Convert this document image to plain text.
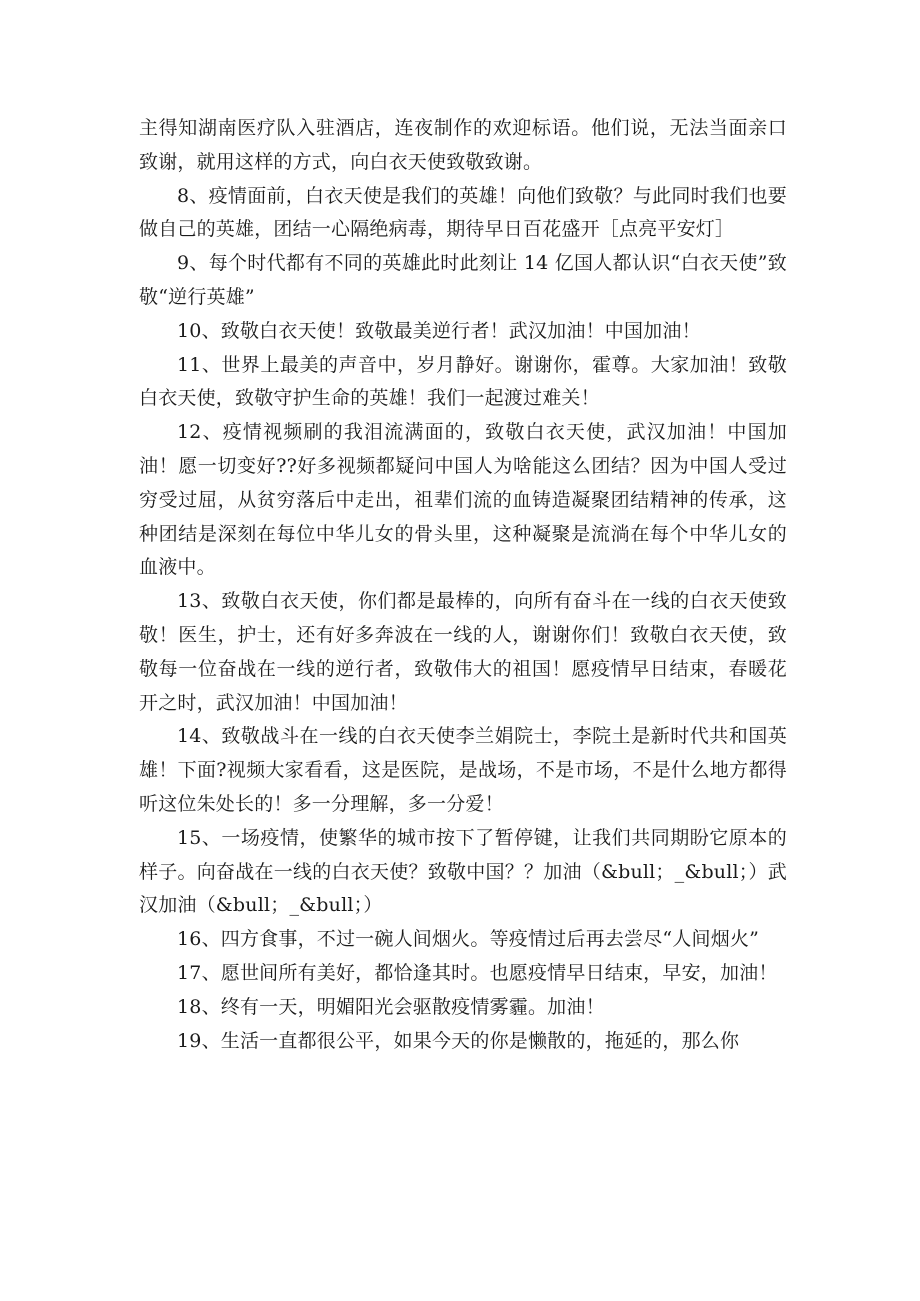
主得知湖南医疗队入驻酒店，连夜制作的欢迎标语。他们说，无法当面亲口致谢，就用这样的方式，向白衣天使致敬致谢。

8、疫情面前，白衣天使是我们的英雄！向他们致敬？与此同时我们也要做自己的英雄，团结一心隔绝病毒，期待早日百花盛开［点亮平安灯］

9、每个时代都有不同的英雄此时此刻让 14 亿国人都认识“白衣天使”致敬“逆行英雄”

10、致敬白衣天使！致敬最美逆行者！武汉加油！中国加油！

11、世界上最美的声音中，岁月静好。谢谢你，霍尊。大家加油！致敬白衣天使，致敬守护生命的英雄！我们一起渡过难关！

12、疫情视频刷的我泪流满面的，致敬白衣天使，武汉加油！中国加油！愿一切变好??好多视频都疑问中国人为啥能这么团结？因为中国人受过穷受过屈，从贫穷落后中走出，祖辈们流的血铸造凝聚团结精神的传承，这种团结是深刻在每位中华儿女的骨头里，这种凝聚是流淌在每个中华儿女的血液中。

13、致敬白衣天使，你们都是最棒的，向所有奋斗在一线的白衣天使致敬！医生，护士，还有好多奔波在一线的人，谢谢你们！致敬白衣天使，致敬每一位奋战在一线的逆行者，致敬伟大的祖国！愿疫情早日结束，春暖花开之时，武汉加油！中国加油！

14、致敬战斗在一线的白衣天使李兰娟院士，李院土是新时代共和国英雄！下面?视频大家看看，这是医院，是战场，不是市场，不是什么地方都得听这位朱处长的！多一分理解，多一分爱！

15、一场疫情，使繁华的城市按下了暂停键，让我们共同期盼它原本的样子。向奋战在一线的白衣天使？致敬中国？？加油（&bull；_&bull；）武汉加油（&bull；_&bull；）

16、四方食事，不过一碗人间烟火。等疫情过后再去尝尽“人间烟火”

17、愿世间所有美好，都恰逢其时。也愿疫情早日结束，早安，加油！

18、终有一天，明媚阳光会驱散疫情雾霾。加油！

19、生活一直都很公平，如果今天的你是懒散的，拖延的，那么你
